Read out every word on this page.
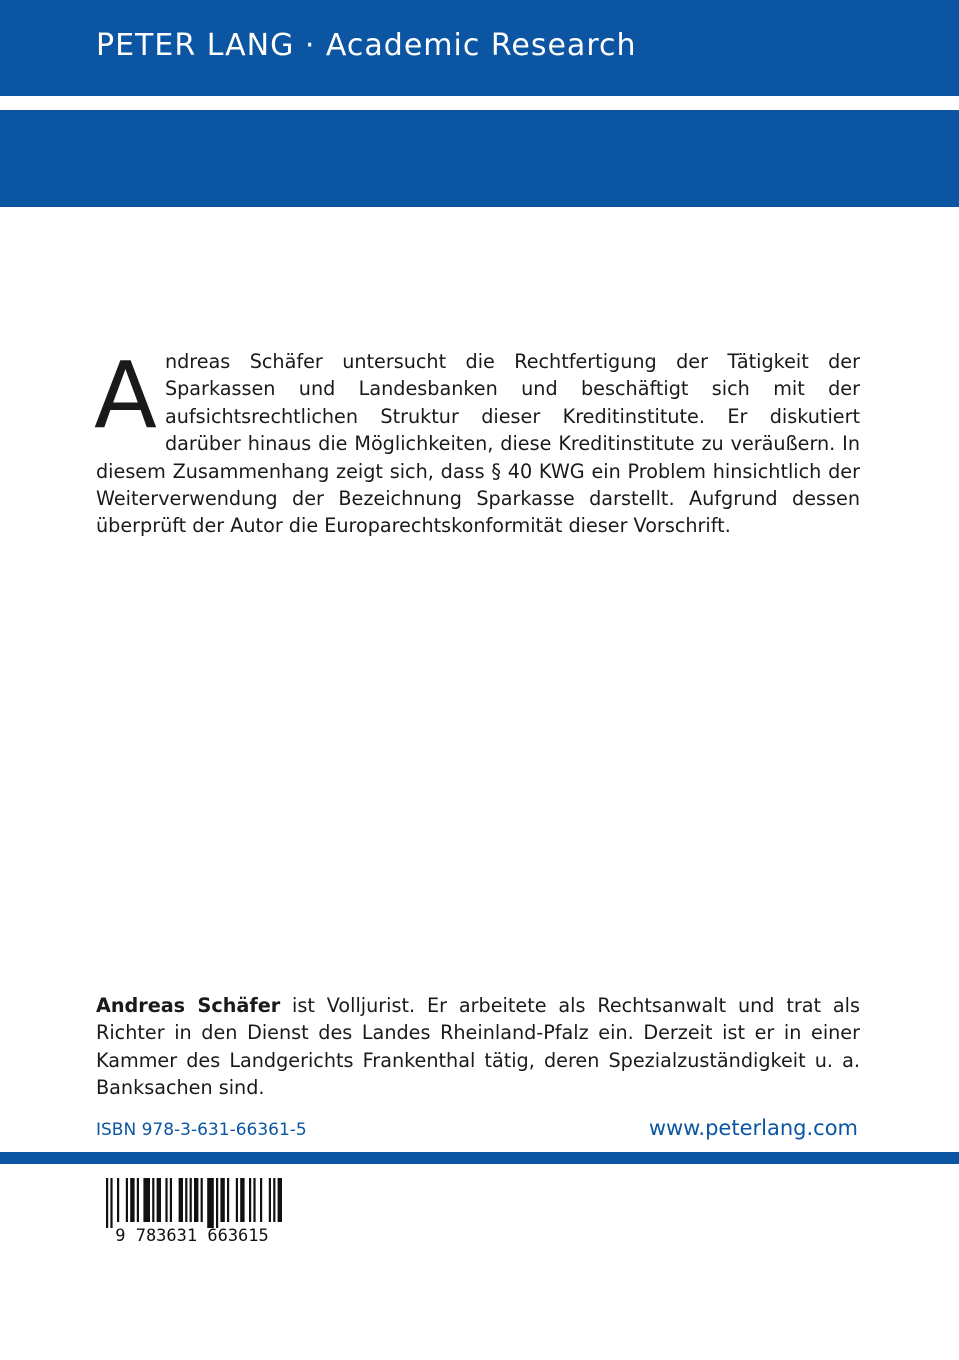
PETER LANG · Academic Research
II / 5763

Andreas Schäfer untersucht die Rechtfertigung der Tätigkeit der Sparkassen und Landesbanken und beschäftigt sich mit der aufsichtsrechtlichen Struktur dieser Kreditinstitute. Er diskutiert darüber hinaus die Möglichkeiten, diese Kreditinstitute zu veräußern. In diesem Zusammenhang zeigt sich, dass § 40 KWG ein Problem hinsichtlich der Weiterverwendung der Bezeichnung Sparkasse darstellt. Aufgrund dessen überprüft der Autor die Europarechtskonformität dieser Vorschrift.

Andreas Schäfer ist Volljurist. Er arbeitete als Rechtsanwalt und trat als Richter in den Dienst des Landes Rheinland-Pfalz ein. Derzeit ist er in einer Kammer des Landgerichts Frankenthal tätig, deren Spezialzuständigkeit u. a. Banksachen sind.

ISBN 978-3-631-66361-5	www.peterlang.com
9 783631 663615
